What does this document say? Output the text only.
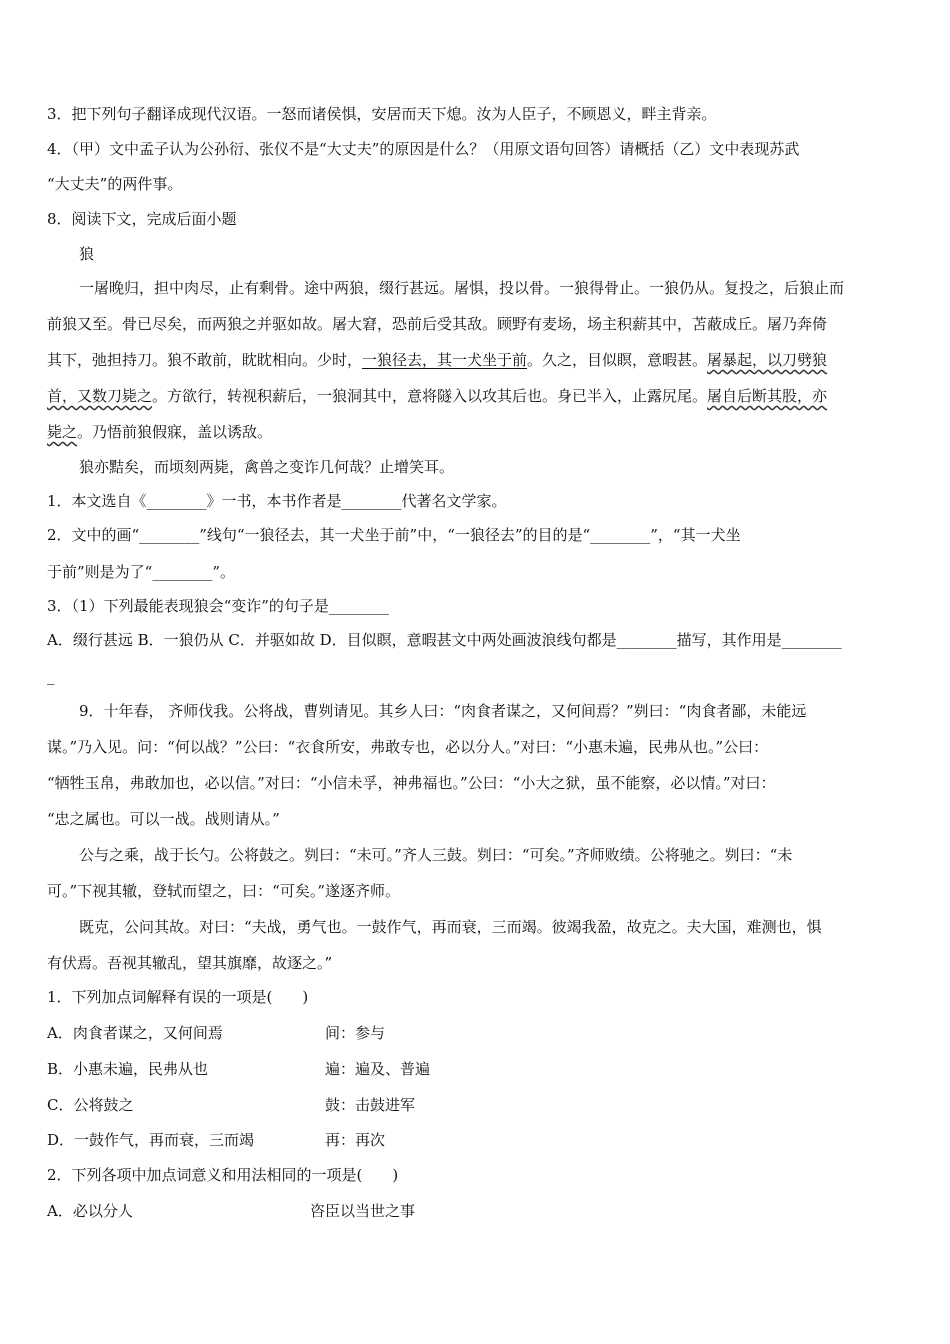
3．把下列句子翻译成现代汉语。一怒而诸侯惧，安居而天下熄。汝为人臣子，不顾恩义，畔主背亲。
4．（甲）文中孟子认为公孙衍、张仪不是“大丈夫”的原因是什么？（用原文语句回答）请概括（乙）文中表现苏武
“大丈夫”的两件事。
8．阅读下文，完成后面小题
狼
一屠晚归，担中肉尽，止有剩骨。途中两狼，缀行甚远。屠惧，投以骨。一狼得骨止。一狼仍从。复投之，后狼止而
前狼又至。骨已尽矣，而两狼之并驱如故。屠大窘，恐前后受其敌。顾野有麦场，场主积薪其中，苫蔽成丘。屠乃奔倚
其下，弛担持刀。狼不敢前，眈眈相向。少时，一狼径去，其一犬坐于前。久之，目似瞑，意暇甚。屠暴起，以刀劈狼
首，又数刀毙之。方欲行，转视积薪后，一狼洞其中，意将隧入以攻其后也。身已半入，止露尻尾。屠自后断其股，亦
毙之。乃悟前狼假寐，盖以诱敌。
狼亦黠矣，而顷刻两毙，禽兽之变诈几何哉？止增笑耳。
1．本文选自《________》一书，本书作者是________代著名文学家。
2．文中的画“________”线句“一狼径去，其一犬坐于前”中，“一狼径去”的目的是“________”，“其一犬坐
于前”则是为了“________”。
3．（1）下列最能表现狼会“变诈”的句子是________
A．缀行甚远 B．一狼仍从 C．并驱如故 D．目似瞑，意暇甚文中两处画波浪线句都是________描写，其作用是________
_
9．十年春， 齐师伐我。公将战，曹刿请见。其乡人曰：“肉食者谋之，又何间焉？”刿曰：“肉食者鄙，未能远
谋。”乃入见。问：“何以战？”公曰：“衣食所安，弗敢专也，必以分人。”对曰：“小惠未遍，民弗从也。”公曰：
“牺牲玉帛，弗敢加也，必以信。”对曰：“小信未孚，神弗福也。”公曰：“小大之狱，虽不能察，必以情。”对曰：
“忠之属也。可以一战。战则请从。”
公与之乘，战于长勺。公将鼓之。刿曰：“未可。”齐人三鼓。刿曰：“可矣。”齐师败绩。公将驰之。刿曰：“未
可。”下视其辙，登轼而望之，曰：“可矣。”遂逐齐师。
既克，公问其故。对曰：“夫战，勇气也。一鼓作气，再而衰，三而竭。彼竭我盈，故克之。夫大国，难测也，惧
有伏焉。吾视其辙乱，望其旗靡，故逐之。”
1．下列加点词解释有误的一项是(　　)
A．肉食者谋之，又何间焉	间：参与
B．小惠未遍，民弗从也	遍：遍及、普遍
C．公将鼓之	鼓：击鼓进军
D．一鼓作气，再而衰，三而竭	再：再次
2．下列各项中加点词意义和用法相同的一项是(　　)
A．必以分人	咨臣以当世之事
